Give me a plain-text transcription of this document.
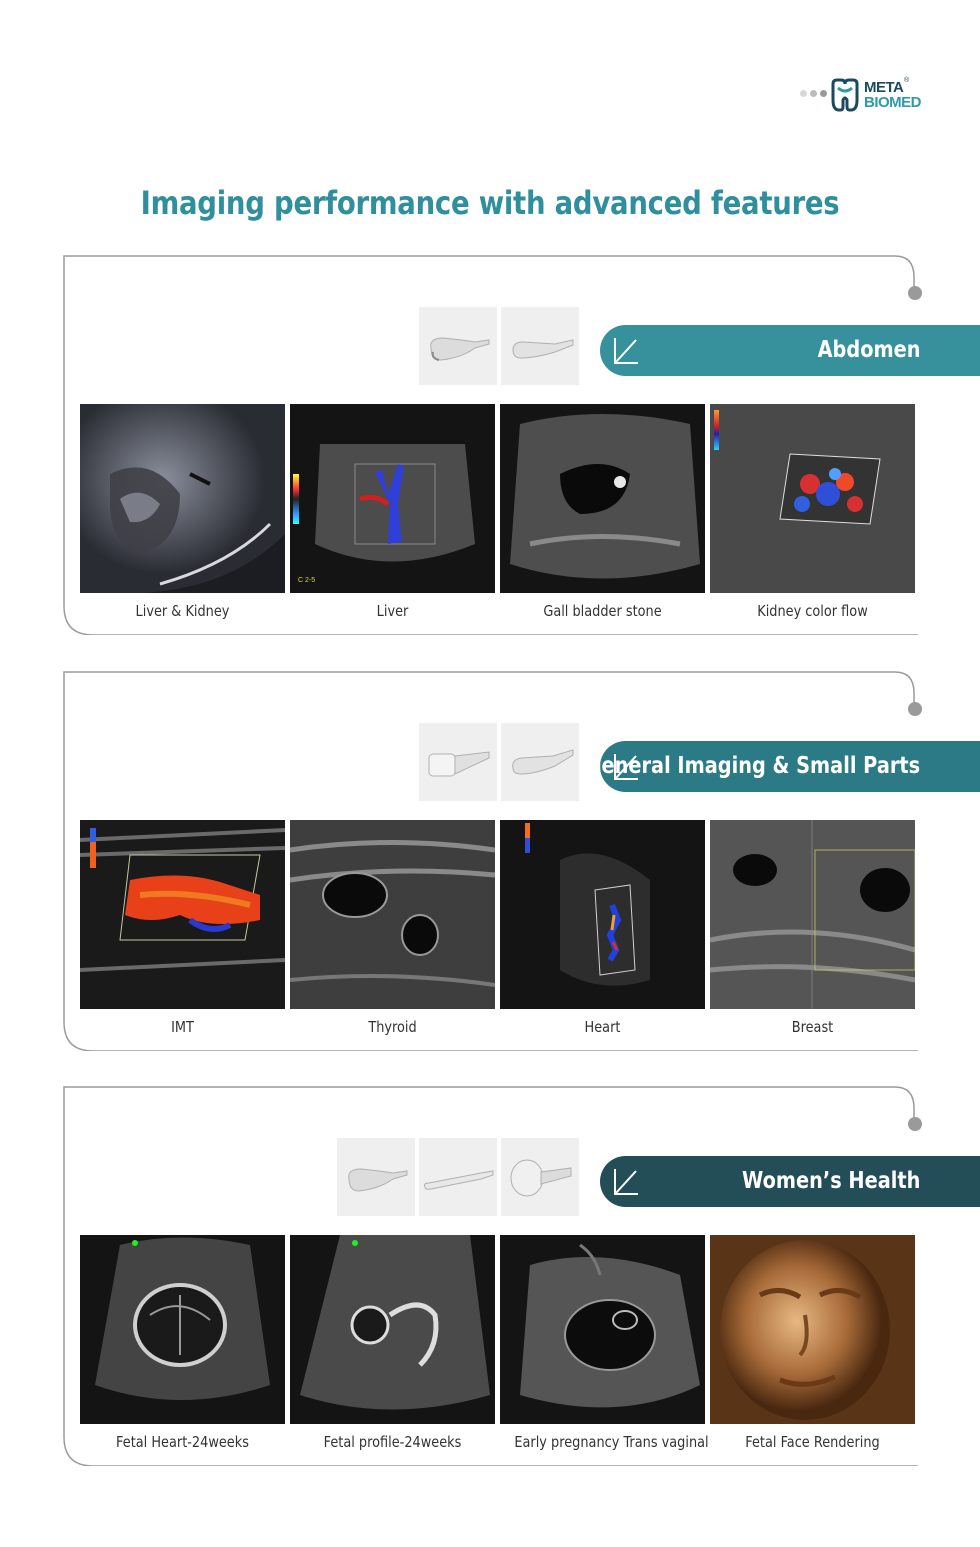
META ®
BIOMED
Imaging performance with advanced features
Abdomen
C 2-5
Liver & Kidney	Liver	Gall bladder stone	Kidney color flow
General Imaging & Small Parts
IMT	Thyroid	Heart	Breast
Women’s Health
Fetal Heart-24weeks	Fetal profile-24weeks	Early pregnancy Trans vaginal	Fetal Face Rendering
